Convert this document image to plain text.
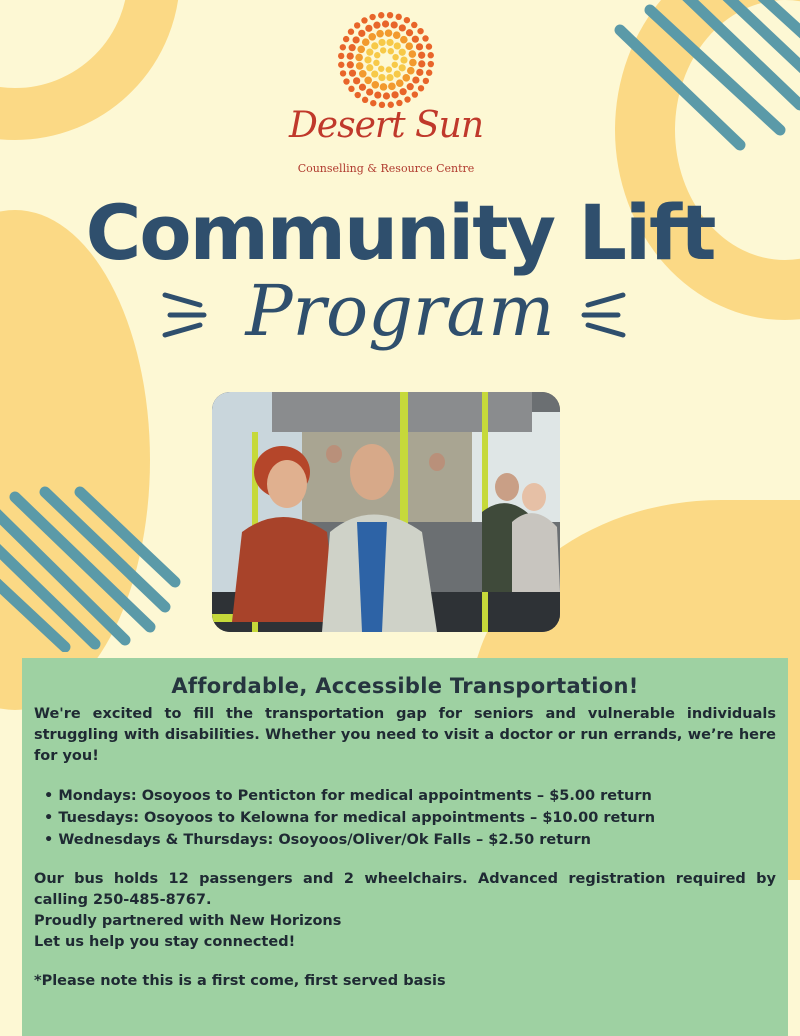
Desert Sun
Counselling & Resource Centre
Community Lift
Program
Affordable, Accessible Transportation!

We're excited to fill the transportation gap for seniors and vulnerable individuals struggling with disabilities. Whether you need to visit a doctor or run errands, we’re here for you!

• Mondays: Osoyoos to Penticton for medical appointments – $5.00 return
• Tuesdays: Osoyoos to Kelowna for medical appointments – $10.00 return
• Wednesdays & Thursdays: Osoyoos/Oliver/Ok Falls – $2.50 return

Our bus holds 12 passengers and 2 wheelchairs. Advanced registration required by calling 250-485-8767.

Proudly partnered with New Horizons

Let us help you stay connected!

*Please note this is a first come, first served basis
